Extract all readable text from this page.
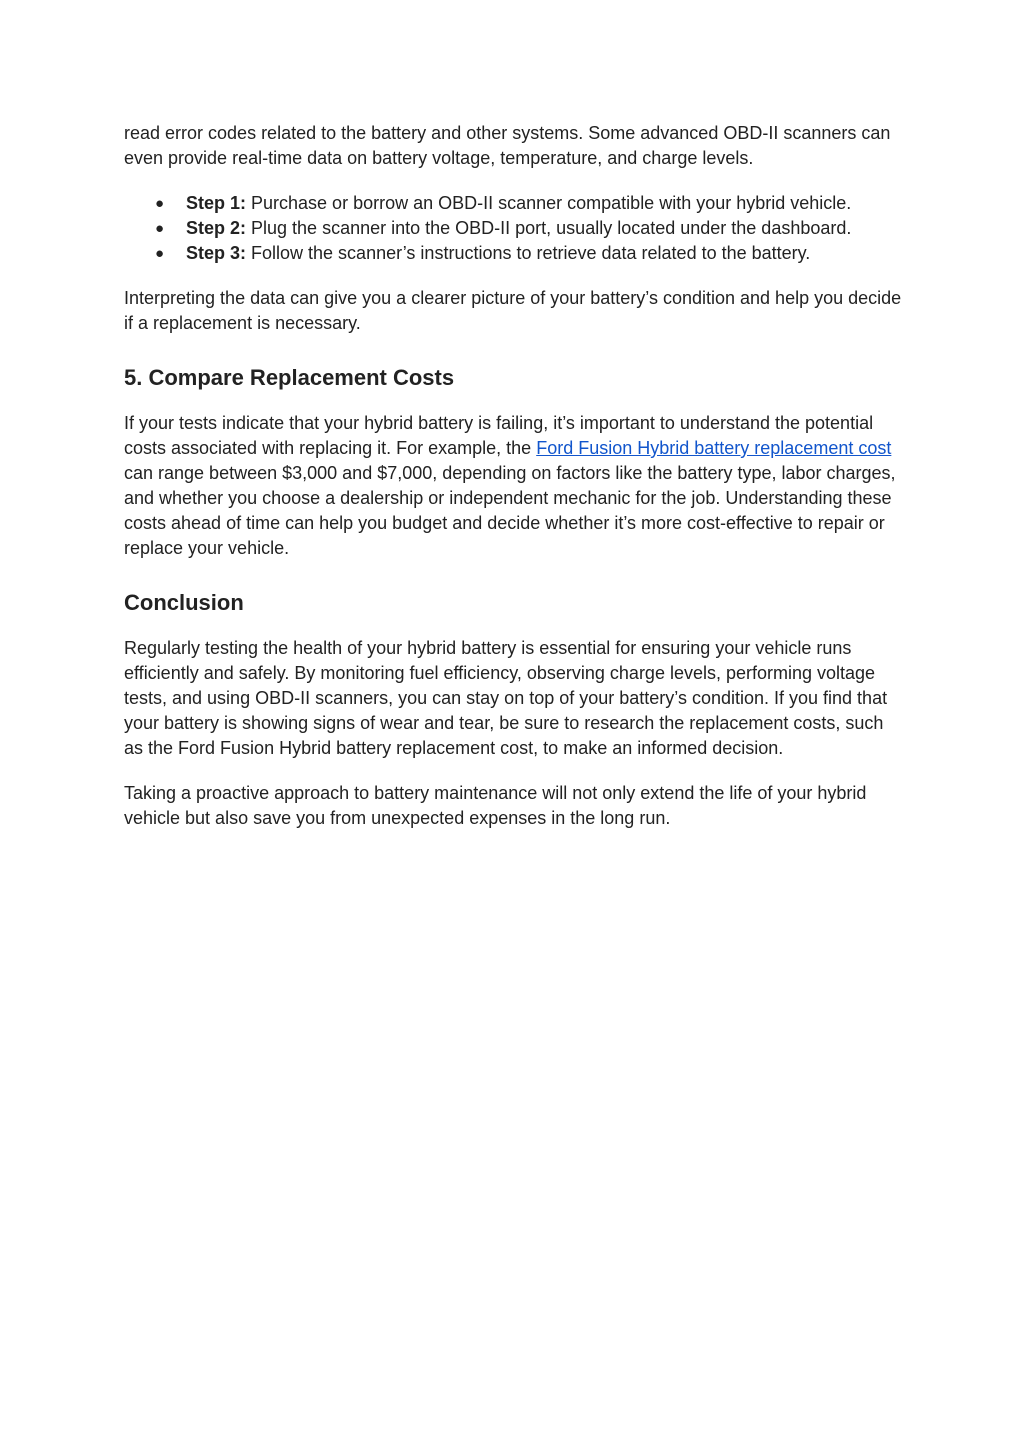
read error codes related to the battery and other systems. Some advanced OBD-II scanners can even provide real-time data on battery voltage, temperature, and charge levels.

● Step 1: Purchase or borrow an OBD-II scanner compatible with your hybrid vehicle.
● Step 2: Plug the scanner into the OBD-II port, usually located under the dashboard.
● Step 3: Follow the scanner’s instructions to retrieve data related to the battery.

Interpreting the data can give you a clearer picture of your battery’s condition and help you decide if a replacement is necessary.

5. Compare Replacement Costs

If your tests indicate that your hybrid battery is failing, it’s important to understand the potential costs associated with replacing it. For example, the Ford Fusion Hybrid battery replacement cost can range between $3,000 and $7,000, depending on factors like the battery type, labor charges, and whether you choose a dealership or independent mechanic for the job. Understanding these costs ahead of time can help you budget and decide whether it’s more cost-effective to repair or replace your vehicle.

Conclusion

Regularly testing the health of your hybrid battery is essential for ensuring your vehicle runs efficiently and safely. By monitoring fuel efficiency, observing charge levels, performing voltage tests, and using OBD-II scanners, you can stay on top of your battery’s condition. If you find that your battery is showing signs of wear and tear, be sure to research the replacement costs, such as the Ford Fusion Hybrid battery replacement cost, to make an informed decision.

Taking a proactive approach to battery maintenance will not only extend the life of your hybrid vehicle but also save you from unexpected expenses in the long run.
